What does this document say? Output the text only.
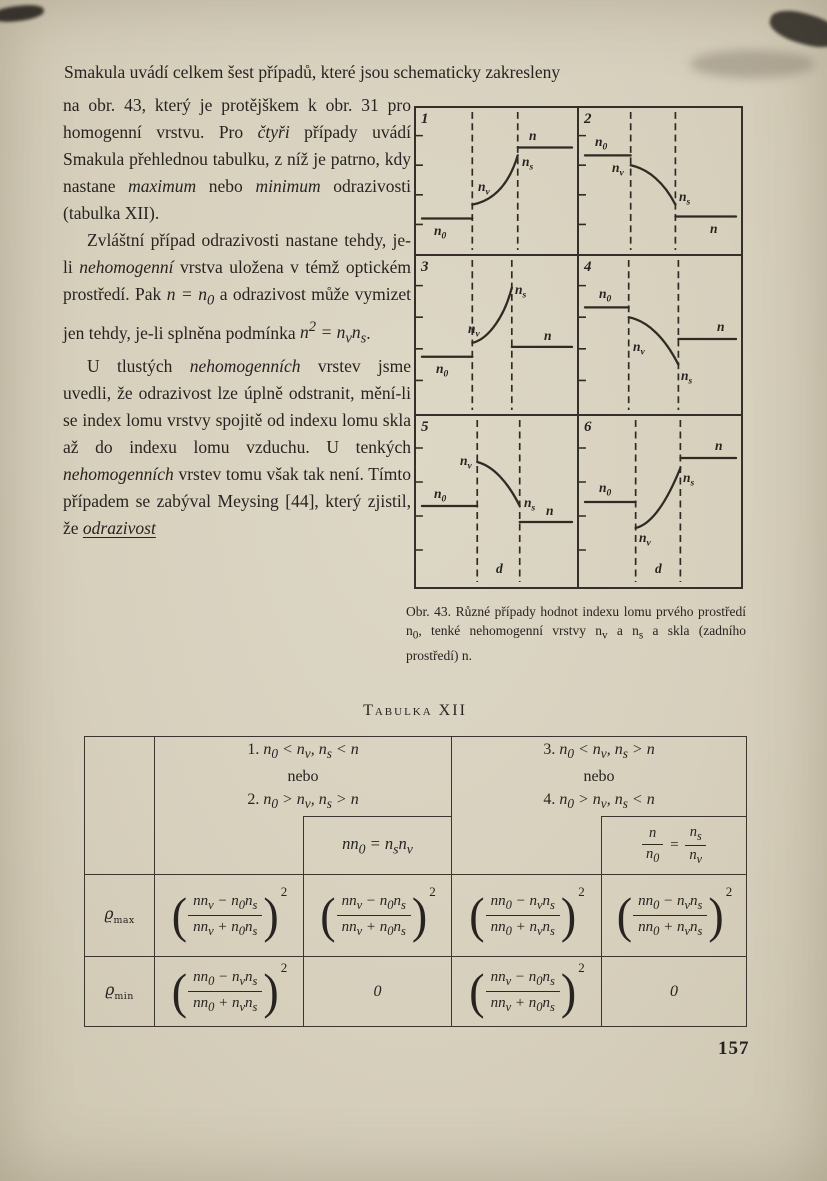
Smakula uvádí celkem šest případů, které jsou schematicky zakresleny

na obr. 43, který je protějškem k obr. 31 pro homogenní vrstvu. Pro čtyři případy uvádí Smakula přehlednou tabulku, z níž je patrno, kdy nastane maximum nebo minimum odrazivosti (tabulka XII).

Zvláštní případ odrazivosti nastane tehdy, je-li nehomogenní vrstva uložena v témž optickém prostředí. Pak $n = n_0$ a odrazivost může vymizet jen tehdy, je-li splněna podmínka $n^2 = n_vn_s$.

U tlustých nehomogenních vrstev jsme uvedli, že odrazivost lze úplně odstranit, mění-li se index lomu vrstvy spojitě od indexu lomu skla až do indexu lomu vzduchu. U tenkých nehomogenních vrstev tomu však tak není. Tímto případem se zabýval Meysing [44], který zjistil, že odrazivost

1
n
$n_s$
$n_v$
$n_0$
2
$n_0$
$n_v$
$n_s$
n
3
$n_s$
$n_v$	n
$n_0$
4
$n_0$
$n_v$
n
$n_s$
5
$n_v$
$n_0$	$n_s$ n
d
6
n
$n_s$
$n_0$
$n_v$
d
Obr. 43. Různé případy hodnot indexu lomu prvého prostředí $n_0$, tenké nehomogenní vrstvy $n_v$ a $n_s$ a skla (zadního prostředí) n.
Tabulka XII

1. $n_0 < n_v$, $n_s < n$
nebo
2. $n_0 > n_v$, $n_s > n$

3. $n_0 < n_v$, $n_s > n$
nebo
4. $n_0 > n_v$, $n_s < n$

		$nn_0 = n_sn_v$		$\frac{n}{n_0} = \frac{n_s}{n_v}$

$ϱ_{max}$	( $\frac{nn_v - n_0n_s}{nn_v + n_0n_s}$ ) $^2$	( $\frac{nn_v - n_0n_s}{nn_v + n_0n_s}$ ) $^2$	( $\frac{nn_0 - n_vn_s}{nn_0 + n_vn_s}$ ) $^2$	( $\frac{nn_0 - n_vn_s}{nn_0 + n_vn_s}$ ) $^2$
$ϱ_{min}$	( $\frac{nn_0 - n_vn_s}{nn_0 + n_vn_s}$ ) $^2$	0	( $\frac{nn_v - n_0n_s}{nn_v + n_0n_s}$ ) $^2$	0
157
